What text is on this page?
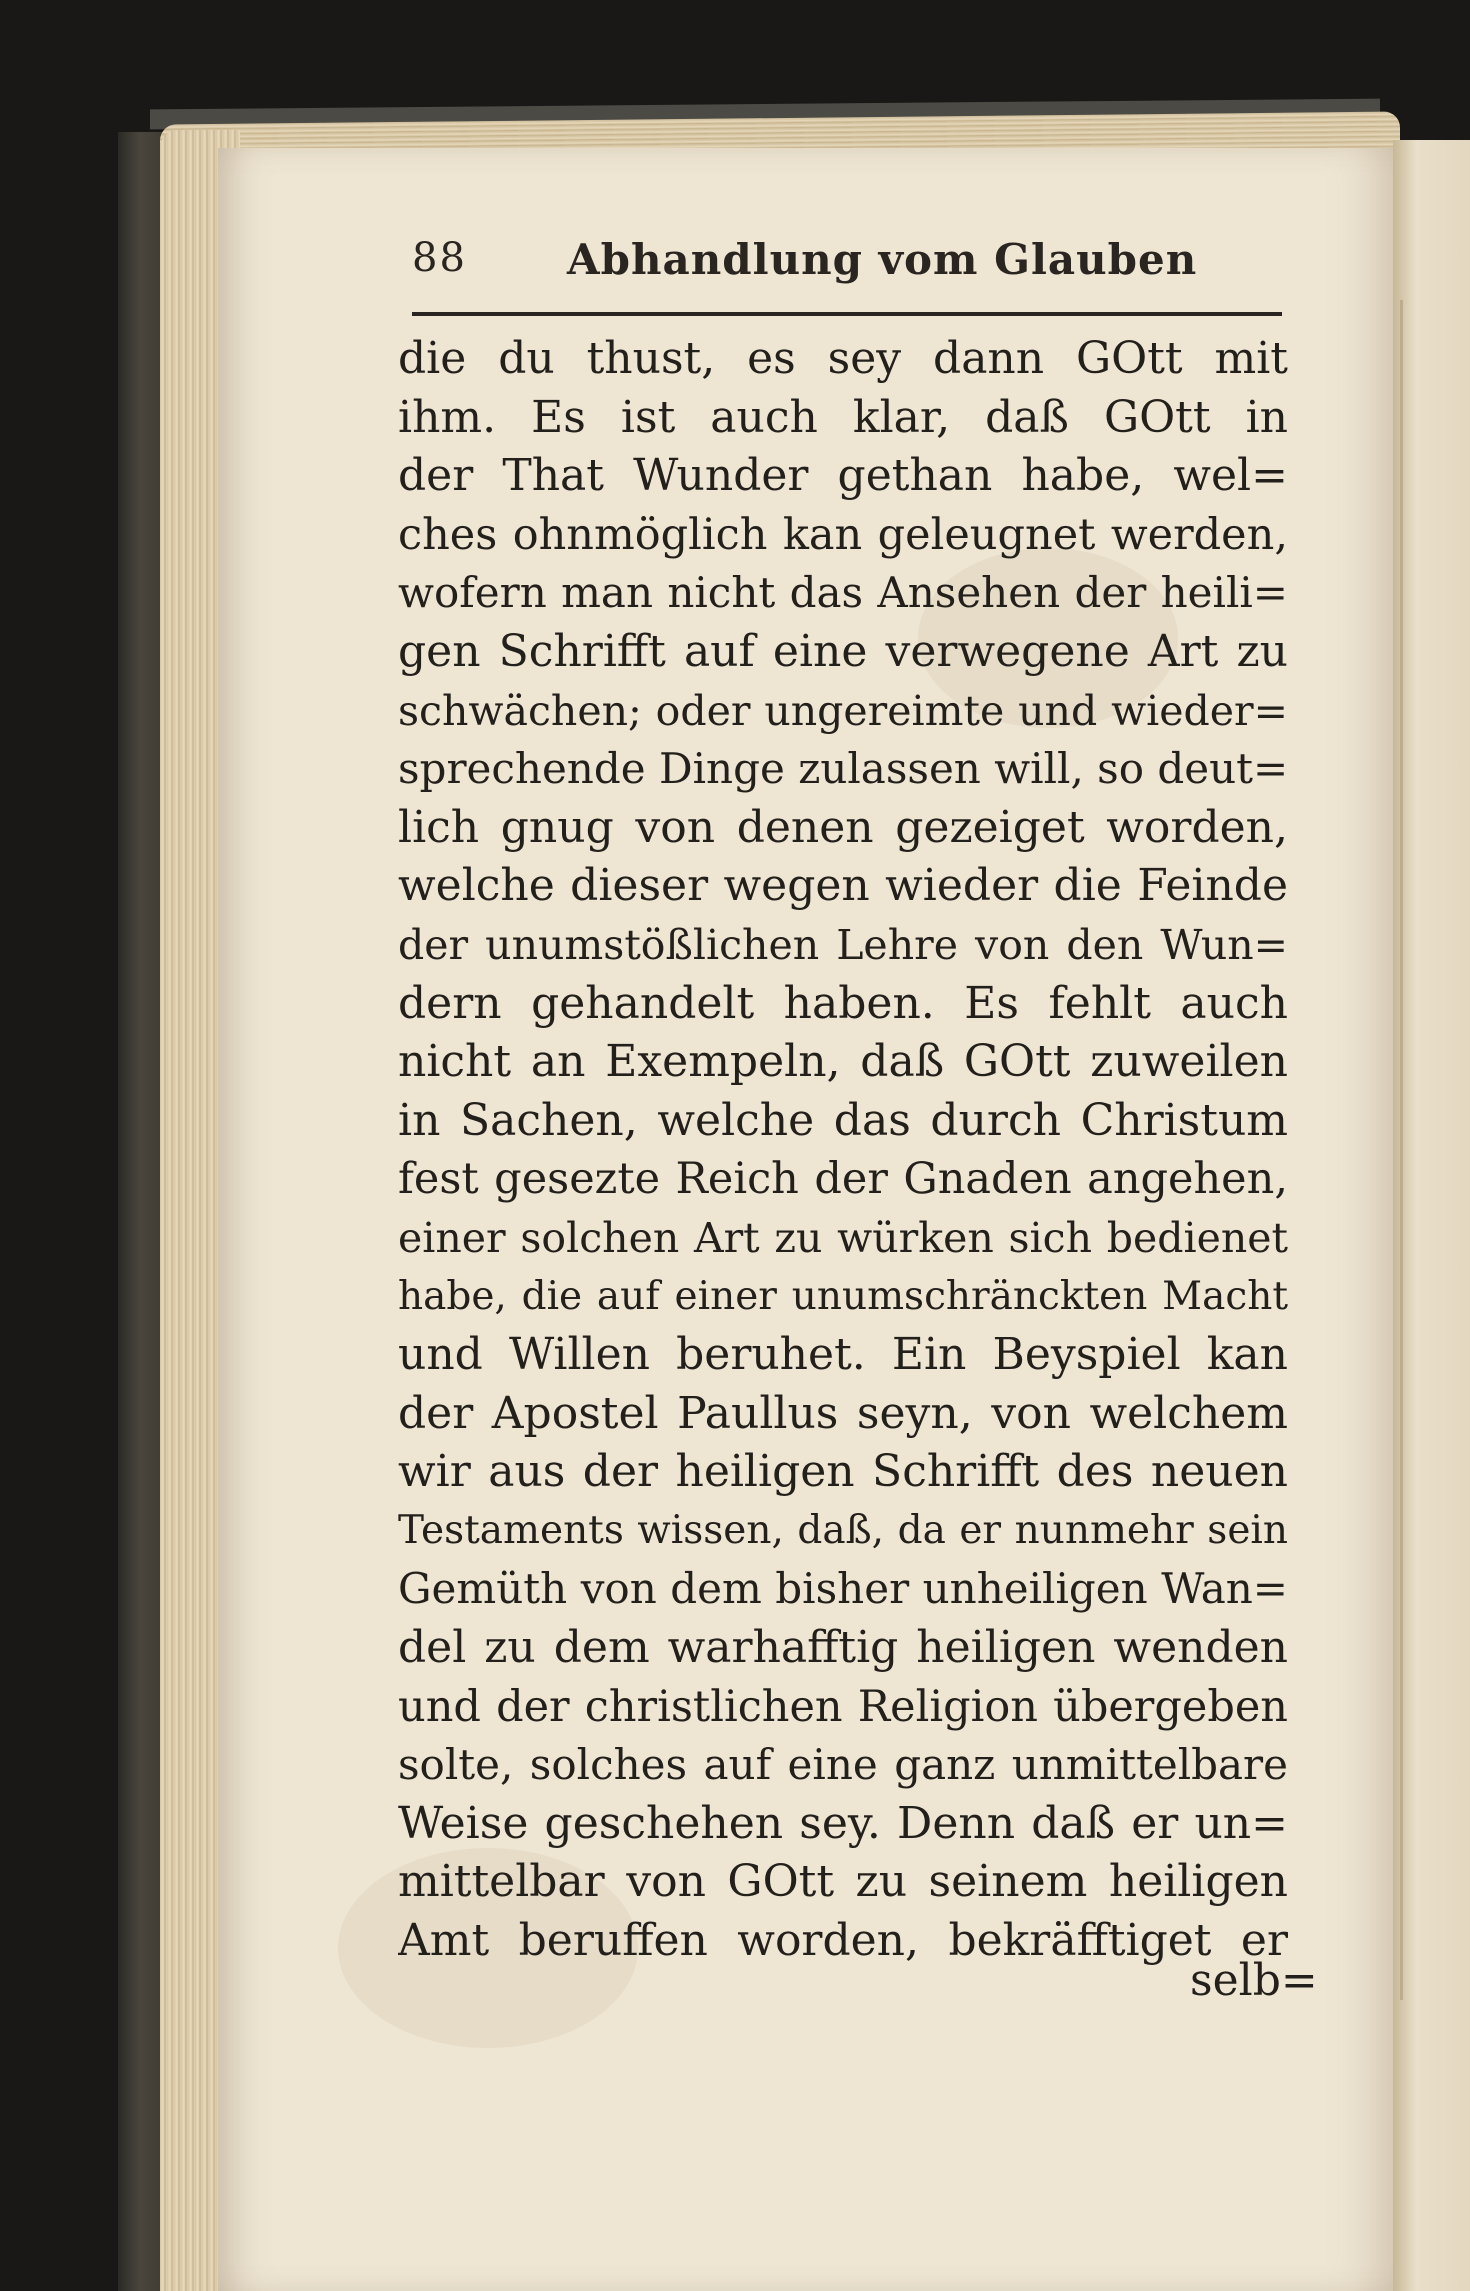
88 Abhandlung vom Glauben
die du thust, es sey dann GOtt mit
ihm. Es ist auch klar, daß GOtt in
der That Wunder gethan habe, wel=
ches ohnmöglich kan geleugnet werden,
wofern man nicht das Ansehen der heili=
gen Schrifft auf eine verwegene Art zu
schwächen; oder ungereimte und wieder=
sprechende Dinge zulassen will, so deut=
lich gnug von denen gezeiget worden,
welche dieser wegen wieder die Feinde
der unumstößlichen Lehre von den Wun=
dern gehandelt haben. Es fehlt auch
nicht an Exempeln, daß GOtt zuweilen
in Sachen, welche das durch Christum
fest gesezte Reich der Gnaden angehen,
einer solchen Art zu würken sich bedienet
habe, die auf einer unumschränckten Macht
und Willen beruhet. Ein Beyspiel kan
der Apostel Paullus seyn, von welchem
wir aus der heiligen Schrifft des neuen
Testaments wissen, daß, da er nunmehr sein
Gemüth von dem bisher unheiligen Wan=
del zu dem warhafftig heiligen wenden
und der christlichen Religion übergeben
solte, solches auf eine ganz unmittelbare
Weise geschehen sey. Denn daß er un=
mittelbar von GOtt zu seinem heiligen
Amt beruffen worden, bekräfftiget er
selb=
